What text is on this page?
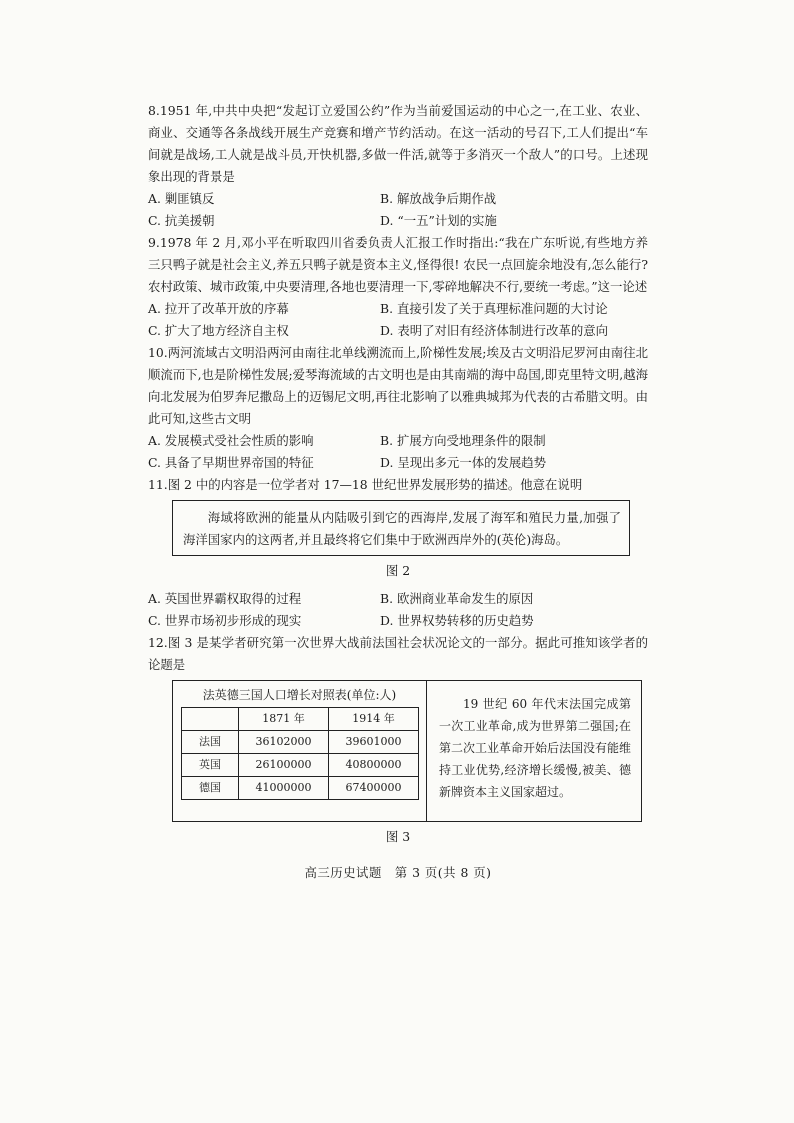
8.1951 年,中共中央把“发起订立爱国公约”作为当前爱国运动的中心之一,在工业、农业、商业、交通等各条战线开展生产竞赛和增产节约活动。在这一活动的号召下,工人们提出“车间就是战场,工人就是战斗员,开快机器,多做一件活,就等于多消灭一个敌人”的口号。上述现象出现的背景是

A. 剿匪镇反	B. 解放战争后期作战
C. 抗美援朝	D. “一五”计划的实施

9.1978 年 2 月,邓小平在听取四川省委负责人汇报工作时指出:“我在广东听说,有些地方养三只鸭子就是社会主义,养五只鸭子就是资本主义,怪得很! 农民一点回旋余地没有,怎么能行? 农村政策、城市政策,中央要清理,各地也要清理一下,零碎地解决不行,要统一考虑。”这一论述

A. 拉开了改革开放的序幕	B. 直接引发了关于真理标准问题的大讨论
C. 扩大了地方经济自主权	D. 表明了对旧有经济体制进行改革的意向

10.两河流域古文明沿两河由南往北单线溯流而上,阶梯性发展;埃及古文明沿尼罗河由南往北顺流而下,也是阶梯性发展;爱琴海流域的古文明也是由其南端的海中岛国,即克里特文明,越海向北发展为伯罗奔尼撒岛上的迈锡尼文明,再往北影响了以雅典城邦为代表的古希腊文明。由此可知,这些古文明

A. 发展模式受社会性质的影响	B. 扩展方向受地理条件的限制
C. 具备了早期世界帝国的特征	D. 呈现出多元一体的发展趋势

11.图 2 中的内容是一位学者对 17—18 世纪世界发展形势的描述。他意在说明

海域将欧洲的能量从内陆吸引到它的西海岸,发展了海军和殖民力量,加强了海洋国家内的这两者,并且最终将它们集中于欧洲西岸外的(英伦)海岛。
图 2
A. 英国世界霸权取得的过程	B. 欧洲商业革命发生的原因
C. 世界市场初步形成的现实	D. 世界权势转移的历史趋势

12.图 3 是某学者研究第一次世界大战前法国社会状况论文的一部分。据此可推知该学者的论题是

法英德三国人口增长对照表(单位:人)
	1871 年	1914 年
法国	36102000	39601000
英国	26100000	40800000
德国	41000000	67400000
19 世纪 60 年代末法国完成第一次工业革命,成为世界第二强国;在第二次工业革命开始后法国没有能维持工业优势,经济增长缓慢,被美、德新牌资本主义国家超过。
图 3
高三历史试题　第 3 页(共 8 页)
